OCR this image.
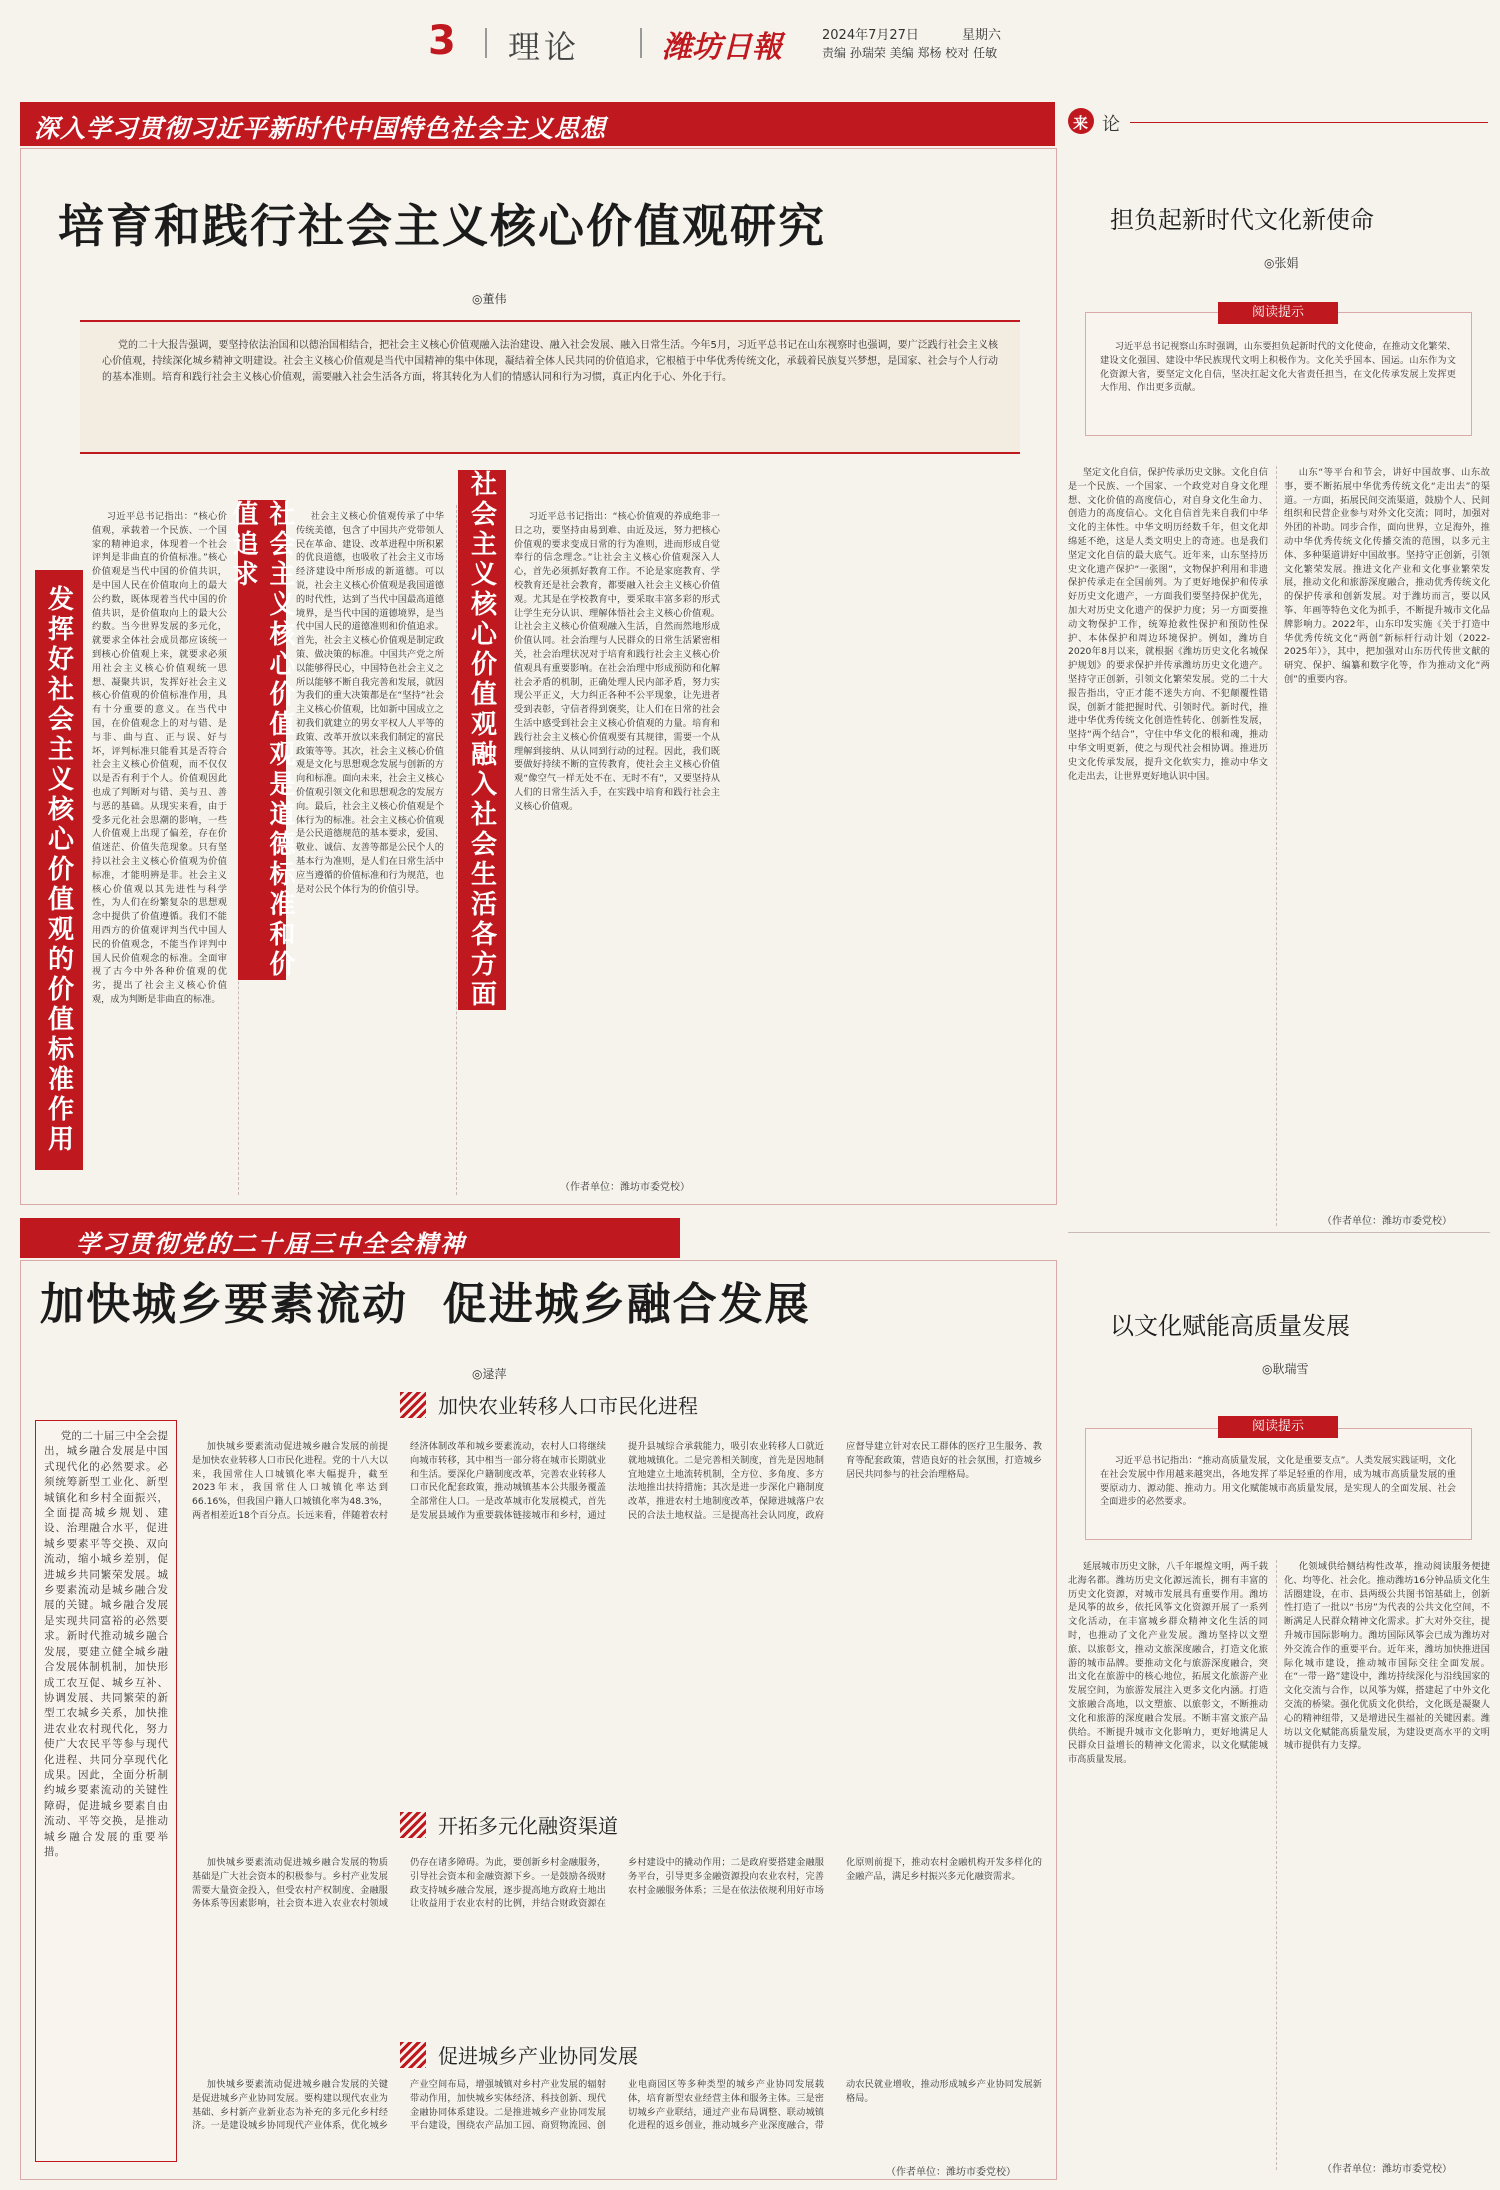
3 理论	潍坊日報	2024年7月27日	星期六
责编 孙瑞荣 美编 郑杨 校对 任敏
深入学习贯彻习近平新时代中国特色社会主义思想
培育和践行社会主义核心价值观研究
◎董伟
党的二十大报告强调，要坚持依法治国和以德治国相结合，把社会主义核心价值观融入法治建设、融入社会发展、融入日常生活。今年5月，习近平总书记在山东视察时也强调，要广泛践行社会主义核心价值观，持续深化城乡精神文明建设。社会主义核心价值观是当代中国精神的集中体现，凝结着全体人民共同的价值追求，它根植于中华优秀传统文化，承载着民族复兴梦想，是国家、社会与个人行动的基本准则。培育和践行社会主义核心价值观，需要融入社会生活各方面，将其转化为人们的情感认同和行为习惯，真正内化于心、外化于行。
发挥好社会主义核心价值观的价值标准作用
习近平总书记指出：“核心价值观，承载着一个民族、一个国家的精神追求，体现着一个社会评判是非曲直的价值标准。”核心价值观是当代中国的价值共识，是中国人民在价值取向上的最大公约数，既体现着当代中国的价值共识，是价值取向上的最大公约数。当今世界发展的多元化，就要求全体社会成员都应该统一到核心价值观上来，就要求必须用社会主义核心价值观统一思想、凝聚共识，发挥好社会主义核心价值观的价值标准作用，具有十分重要的意义。在当代中国，在价值观念上的对与错、是与非、曲与直、正与误、好与坏，评判标准只能看其是否符合社会主义核心价值观，而不仅仅以是否有利于个人。价值观因此也成了判断对与错、美与丑、善与恶的基础。从现实来看，由于受多元化社会思潮的影响，一些人价值观上出现了偏差，存在价值迷茫、价值失范现象。只有坚持以社会主义核心价值观为价值标准，才能明辨是非。社会主义核心价值观以其先进性与科学性，为人们在纷繁复杂的思想观念中提供了价值遵循。我们不能用西方的价值观评判当代中国人民的价值观念，不能当作评判中国人民价值观念的标准。全面审视了古今中外各种价值观的优劣，提出了社会主义核心价值观，成为判断是非曲直的标准。
社会主义核心价值观是道德标准和价值追求	社会主义核心价值观传承了中华传统美德，包含了中国共产党带领人民在革命、建设、改革进程中所积累的优良道德，也吸收了社会主义市场经济建设中所形成的新道德。可以说，社会主义核心价值观是我国道德的时代性，达到了当代中国最高道德境界，是当代中国的道德境界，是当代中国人民的道德准则和价值追求。首先，社会主义核心价值观是制定政策、做决策的标准。中国共产党之所以能够得民心，中国特色社会主义之所以能够不断自我完善和发展，就因为我们的重大决策都是在“坚持”社会主义核心价值观，比如新中国成立之初我们就建立的男女平权人人平等的政策、改革开放以来我们制定的富民政策等等。其次，社会主义核心价值观是文化与思想观念发展与创新的方向和标准。面向未来，社会主义核心价值观引领文化和思想观念的发展方向。最后，社会主义核心价值观是个体行为的标准。社会主义核心价值观是公民道德规范的基本要求，爱国、敬业、诚信、友善等都是公民个人的基本行为准则，是人们在日常生活中应当遵循的价值标准和行为规范，也是对公民个体行为的价值引导。	社会主义核心价值观融入社会生活各方面	习近平总书记指出：“核心价值观的养成绝非一日之功，要坚持由易到难、由近及远，努力把核心价值观的要求变成日常的行为准则，进而形成自觉奉行的信念理念。”让社会主义核心价值观深入人心，首先必须抓好教育工作。不论是家庭教育、学校教育还是社会教育，都要融入社会主义核心价值观。尤其是在学校教育中，要采取丰富多彩的形式让学生充分认识、理解体悟社会主义核心价值观。让社会主义核心价值观融入生活，自然而然地形成价值认同。社会治理与人民群众的日常生活紧密相关，社会治理状况对于培育和践行社会主义核心价值观具有重要影响。在社会治理中形成预防和化解社会矛盾的机制，正确处理人民内部矛盾，努力实现公平正义，大力纠正各种不公平现象，让先进者受到表彰，守信者得到褒奖，让人们在日常的社会生活中感受到社会主义核心价值观的力量。培育和践行社会主义核心价值观要有其规律，需要一个从理解到接纳、从认同到行动的过程。因此，我们既要做好持续不断的宣传教育，使社会主义核心价值观“像空气一样无处不在、无时不有”，又要坚持从人们的日常生活入手，在实践中培育和践行社会主义核心价值观。
（作者单位：潍坊市委党校）
来 论
担负起新时代文化新使命
◎张娟
阅读提示
习近平总书记视察山东时强调，山东要担负起新时代的文化使命，在推动文化繁荣、建设文化强国、建设中华民族现代文明上积极作为。文化关乎国本、国运。山东作为文化资源大省，要坚定文化自信，坚决扛起文化大省责任担当，在文化传承发展上发挥更大作用、作出更多贡献。
坚定文化自信，保护传承历史文脉。文化自信是一个民族、一个国家、一个政党对自身文化理想、文化价值的高度信心，对自身文化生命力、创造力的高度信心。文化自信首先来自我们中华文化的主体性。中华文明历经数千年，但文化却绵延不绝，这是人类文明史上的奇迹。也是我们坚定文化自信的最大底气。近年来，山东坚持历史文化遗产保护“一张图”，文物保护利用和非遗保护传承走在全国前列。为了更好地保护和传承好历史文化遗产，一方面我们要坚持保护优先，加大对历史文化遗产的保护力度；另一方面要推动文物保护工作，统筹抢救性保护和预防性保护、本体保护和周边环境保护。例如，潍坊自2020年8月以来，就根据《潍坊历史文化名城保护规划》的要求保护并传承潍坊历史文化遗产。坚持守正创新，引领文化繁荣发展。党的二十大报告指出，守正才能不迷失方向、不犯颠覆性错误，创新才能把握时代、引领时代。新时代，推进中华优秀传统文化创造性转化、创新性发展，坚持“两个结合”，守住中华文化的根和魂，推动中华文明更新，使之与现代社会相协调。推进历史文化传承发展，提升文化软实力，推动中华文化走出去，让世界更好地认识中国。
山东“等平台和节会，讲好中国故事、山东故事，要不断拓展中华优秀传统文化“走出去”的渠道。一方面，拓展民间交流渠道，鼓励个人、民间组织和民营企业参与对外文化交流；同时，加强对外团的补助。同步合作，面向世界，立足海外，推动中华优秀传统文化传播交流的范围，以多元主体、多种渠道讲好中国故事。坚持守正创新，引领文化繁荣发展。推进文化产业和文化事业繁荣发展，推动文化和旅游深度融合，推动优秀传统文化的保护传承和创新发展。对于潍坊而言，要以风筝、年画等特色文化为抓手，不断提升城市文化品牌影响力。2022年，山东印发实施《关于打造中华优秀传统文化“两创”新标杆行动计划（2022-2025年）》，其中，把加强对山东历代传世文献的研究、保护、编纂和数字化等，作为推动文化“两创”的重要内容。
（作者单位：潍坊市委党校）
以文化赋能高质量发展
◎耿瑞雪
阅读提示
习近平总书记指出：“推动高质量发展，文化是重要支点”。人类发展实践证明，文化在社会发展中作用越来越突出，各地发挥了举足轻重的作用，成为城市高质量发展的重要原动力、源动能、推动力。用文化赋能城市高质量发展，是实现人的全面发展、社会全面进步的必然要求。
延展城市历史文脉，八千年堰煌文明，两千载北海名都。潍坊历史文化源远流长，拥有丰富的历史文化资源，对城市发展具有重要作用。潍坊是风筝的故乡，依托风筝文化资源开展了一系列文化活动，在丰富城乡群众精神文化生活的同时，也推动了文化产业发展。潍坊坚持以文塑旅、以旅彰文，推动文旅深度融合，打造文化旅游的城市品牌。要推动文化与旅游深度融合，突出文化在旅游中的核心地位，拓展文化旅游产业发展空间，为旅游发展注入更多文化内涵。打造文旅融合高地，以文塑旅、以旅彰文，不断推动文化和旅游的深度融合发展。不断丰富文旅产品供给。不断提升城市文化影响力，更好地满足人民群众日益增长的精神文化需求，以文化赋能城市高质量发展。
化领域供给侧结构性改革，推动阅读服务便捷化、均等化、社会化。推动潍坊16分钟品质文化生活圈建设，在市、县两级公共图书馆基础上，创新性打造了一批以“书房”为代表的公共文化空间，不断满足人民群众精神文化需求。扩大对外交往，提升城市国际影响力。潍坊国际风筝会已成为潍坊对外交流合作的重要平台。近年来，潍坊加快推进国际化城市建设，推动城市国际交往全面发展。在“一带一路”建设中，潍坊持续深化与沿线国家的文化交流与合作，以风筝为媒，搭建起了中外文化交流的桥梁。强化优质文化供给，文化既是凝聚人心的精神纽带，又是增进民生福祉的关键因素。潍坊以文化赋能高质量发展，为建设更高水平的文明城市提供有力支撑。
（作者单位：潍坊市委党校）
学习贯彻党的二十届三中全会精神
加快城乡要素流动  促进城乡融合发展
◎逯萍
党的二十届三中全会提出，城乡融合发展是中国式现代化的必然要求。必须统筹新型工业化、新型城镇化和乡村全面振兴，全面提高城乡规划、建设、治理融合水平，促进城乡要素平等交换、双向流动，缩小城乡差别，促进城乡共同繁荣发展。城乡要素流动是城乡融合发展的关键。城乡融合发展是实现共同富裕的必然要求。新时代推动城乡融合发展，要建立健全城乡融合发展体制机制，加快形成工农互促、城乡互补、协调发展、共同繁荣的新型工农城乡关系，加快推进农业农村现代化，努力使广大农民平等参与现代化进程、共同分享现代化成果。因此，全面分析制约城乡要素流动的关键性障碍，促进城乡要素自由流动、平等交换，是推动城乡融合发展的重要举措。
加快农业转移人口市民化进程
加快城乡要素流动促进城乡融合发展的前提是加快农业转移人口市民化进程。党的十八大以来，我国常住人口城镇化率大幅提升，截至2023年末，我国常住人口城镇化率达到66.16%，但我国户籍人口城镇化率为48.3%，两者相差近18个百分点。长远来看，伴随着农村经济体制改革和城乡要素流动，农村人口将继续向城市转移，其中相当一部分将在城市长期就业和生活。要深化户籍制度改革，完善农业转移人口市民化配套政策，推动城镇基本公共服务覆盖全部常住人口。一是改革城市化发展模式，首先是发展县域作为重要载体链接城市和乡村，通过提升县城综合承载能力，吸引农业转移人口就近就地城镇化。二是完善相关制度，首先是因地制宜地建立土地流转机制，全方位、多角度、多方法地推出扶持措施；其次是进一步深化户籍制度改革，推进农村土地制度改革，保障进城落户农民的合法土地权益。三是提高社会认同度，政府应督导建立针对农民工群体的医疗卫生服务、教育等配套政策，营造良好的社会氛围，打造城乡居民共同参与的社会治理格局。
开拓多元化融资渠道
加快城乡要素流动促进城乡融合发展的物质基础是广大社会资本的积极参与。乡村产业发展需要大量资金投入，但受农村产权制度、金融服务体系等因素影响，社会资本进入农业农村领域仍存在诸多障碍。为此，要创新乡村金融服务，引导社会资本和金融资源下乡。一是鼓励各级财政支持城乡融合发展，逐步提高地方政府土地出让收益用于农业农村的比例，并结合财政资源在乡村建设中的撬动作用；二是政府要搭建金融服务平台，引导更多金融资源投向农业农村，完善农村金融服务体系；三是在依法依规利用好市场化原则前提下，推动农村金融机构开发多样化的金融产品，满足乡村振兴多元化融资需求。
促进城乡产业协同发展
加快城乡要素流动促进城乡融合发展的关键是促进城乡产业协同发展。要构建以现代农业为基础、乡村新产业新业态为补充的多元化乡村经济。一是建设城乡协同现代产业体系，优化城乡产业空间布局，增强城镇对乡村产业发展的辐射带动作用，加快城乡实体经济、科技创新、现代金融协同体系建设。二是推进城乡产业协同发展平台建设，围绕农产品加工园、商贸物流园、创业电商园区等多种类型的城乡产业协同发展载体，培育新型农业经营主体和服务主体。三是密切城乡产业联结，通过产业布局调整、联动城镇化进程的返乡创业，推动城乡产业深度融合，带动农民就业增收，推动形成城乡产业协同发展新格局。
（作者单位：潍坊市委党校）
